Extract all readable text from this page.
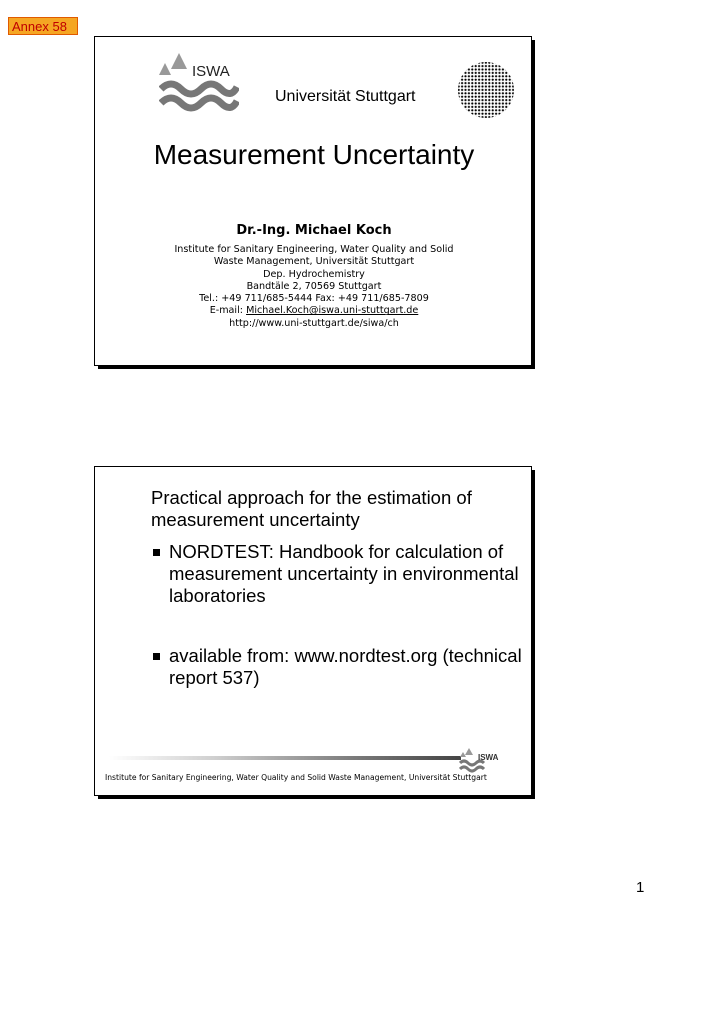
Annex 58
ISWA
Universität Stuttgart
Measurement Uncertainty
Dr.-Ing. Michael Koch
Institute for Sanitary Engineering, Water Quality and Solid
Waste Management, Universität Stuttgart
Dep. Hydrochemistry
Bandtäle 2, 70569 Stuttgart
Tel.: +49 711/685-5444 Fax: +49 711/685-7809
E-mail: Michael.Koch@iswa.uni-stuttgart.de
http://www.uni-stuttgart.de/siwa/ch
Practical approach for the estimation of measurement uncertainty
NORDTEST: Handbook for calculation of measurement uncertainty in environmental laboratories
available from: www.nordtest.org (technical report 537)
ISWA
Institute for Sanitary Engineering, Water Quality and Solid Waste Management, Universität Stuttgart
1
